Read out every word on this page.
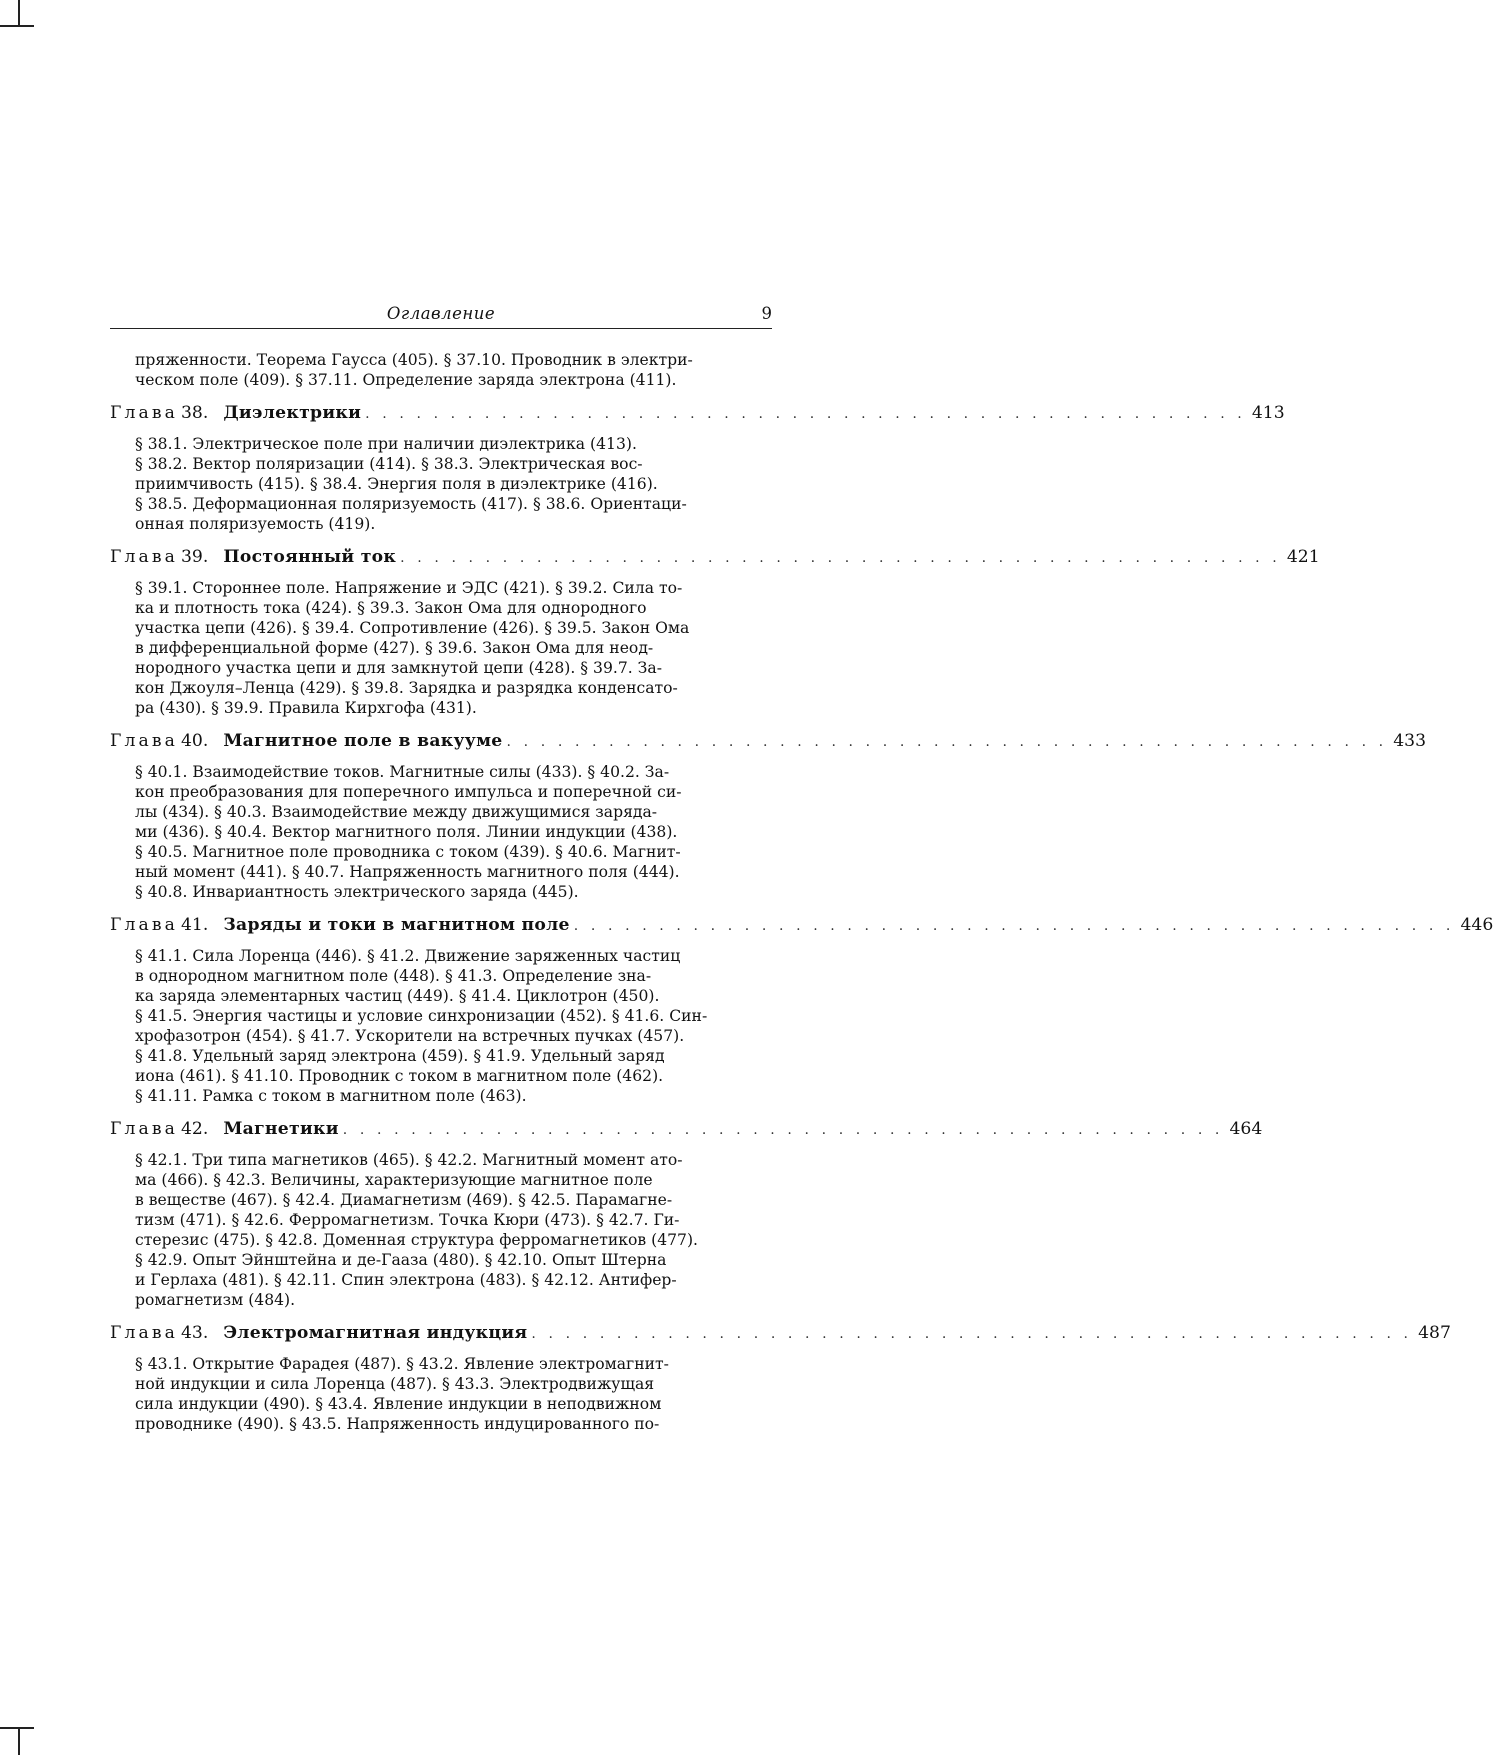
Оглавление	9
пряженности. Теорема Гаусса (405). § 37.10. Проводник в электри-
ческом поле (409). § 37.11. Определение заряда электрона (411).
Глава 38. Диэлектрики . . . . . . . . . . . . . . . . . . . . . . . . . . . . . . . . . . . . . . . . . . . . . . . . . . . . 413
§ 38.1. Электрическое поле при наличии диэлектрика (413).
§ 38.2. Вектор поляризации (414). § 38.3. Электрическая вос-
приимчивость (415). § 38.4. Энергия поля в диэлектрике (416).
§ 38.5. Деформационная поляризуемость (417). § 38.6. Ориентаци-
онная поляризуемость (419).
Глава 39. Постоянный ток . . . . . . . . . . . . . . . . . . . . . . . . . . . . . . . . . . . . . . . . . . . . . . . . . . . . 421
§ 39.1. Стороннее поле. Напряжение и ЭДС (421). § 39.2. Сила то-
ка и плотность тока (424). § 39.3. Закон Ома для однородного
участка цепи (426). § 39.4. Сопротивление (426). § 39.5. Закон Ома
в дифференциальной форме (427). § 39.6. Закон Ома для неод-
нородного участка цепи и для замкнутой цепи (428). § 39.7. За-
кон Джоуля–Ленца (429). § 39.8. Зарядка и разрядка конденсато-
ра (430). § 39.9. Правила Кирхгофа (431).
Глава 40. Магнитное поле в вакууме . . . . . . . . . . . . . . . . . . . . . . . . . . . . . . . . . . . . . . . . . . . . . . . . . . . . 433
§ 40.1. Взаимодействие токов. Магнитные силы (433). § 40.2. За-
кон преобразования для поперечного импульса и поперечной си-
лы (434). § 40.3. Взаимодействие между движущимися заряда-
ми (436). § 40.4. Вектор магнитного поля. Линии индукции (438).
§ 40.5. Магнитное поле проводника с током (439). § 40.6. Магнит-
ный момент (441). § 40.7. Напряженность магнитного поля (444).
§ 40.8. Инвариантность электрического заряда (445).
Глава 41. Заряды и токи в магнитном поле . . . . . . . . . . . . . . . . . . . . . . . . . . . . . . . . . . . . . . . . . . . . . . . . . . . . 446
§ 41.1. Сила Лоренца (446). § 41.2. Движение заряженных частиц
в однородном магнитном поле (448). § 41.3. Определение зна-
ка заряда элементарных частиц (449). § 41.4. Циклотрон (450).
§ 41.5. Энергия частицы и условие синхронизации (452). § 41.6. Син-
хрофазотрон (454). § 41.7. Ускорители на встречных пучках (457).
§ 41.8. Удельный заряд электрона (459). § 41.9. Удельный заряд
иона (461). § 41.10. Проводник с током в магнитном поле (462).
§ 41.11. Рамка с током в магнитном поле (463).
Глава 42. Магнетики . . . . . . . . . . . . . . . . . . . . . . . . . . . . . . . . . . . . . . . . . . . . . . . . . . . . 464
§ 42.1. Три типа магнетиков (465). § 42.2. Магнитный момент ато-
ма (466). § 42.3. Величины, характеризующие магнитное поле
в веществе (467). § 42.4. Диамагнетизм (469). § 42.5. Парамагне-
тизм (471). § 42.6. Ферромагнетизм. Точка Кюри (473). § 42.7. Ги-
стерезис (475). § 42.8. Доменная структура ферромагнетиков (477).
§ 42.9. Опыт Эйнштейна и де-Гааза (480). § 42.10. Опыт Штерна
и Герлаха (481). § 42.11. Спин электрона (483). § 42.12. Антифер-
ромагнетизм (484).
Глава 43. Электромагнитная индукция . . . . . . . . . . . . . . . . . . . . . . . . . . . . . . . . . . . . . . . . . . . . . . . . . . . . 487
§ 43.1. Открытие Фарадея (487). § 43.2. Явление электромагнит-
ной индукции и сила Лоренца (487). § 43.3. Электродвижущая
сила индукции (490). § 43.4. Явление индукции в неподвижном
проводнике (490). § 43.5. Напряженность индуцированного по-
